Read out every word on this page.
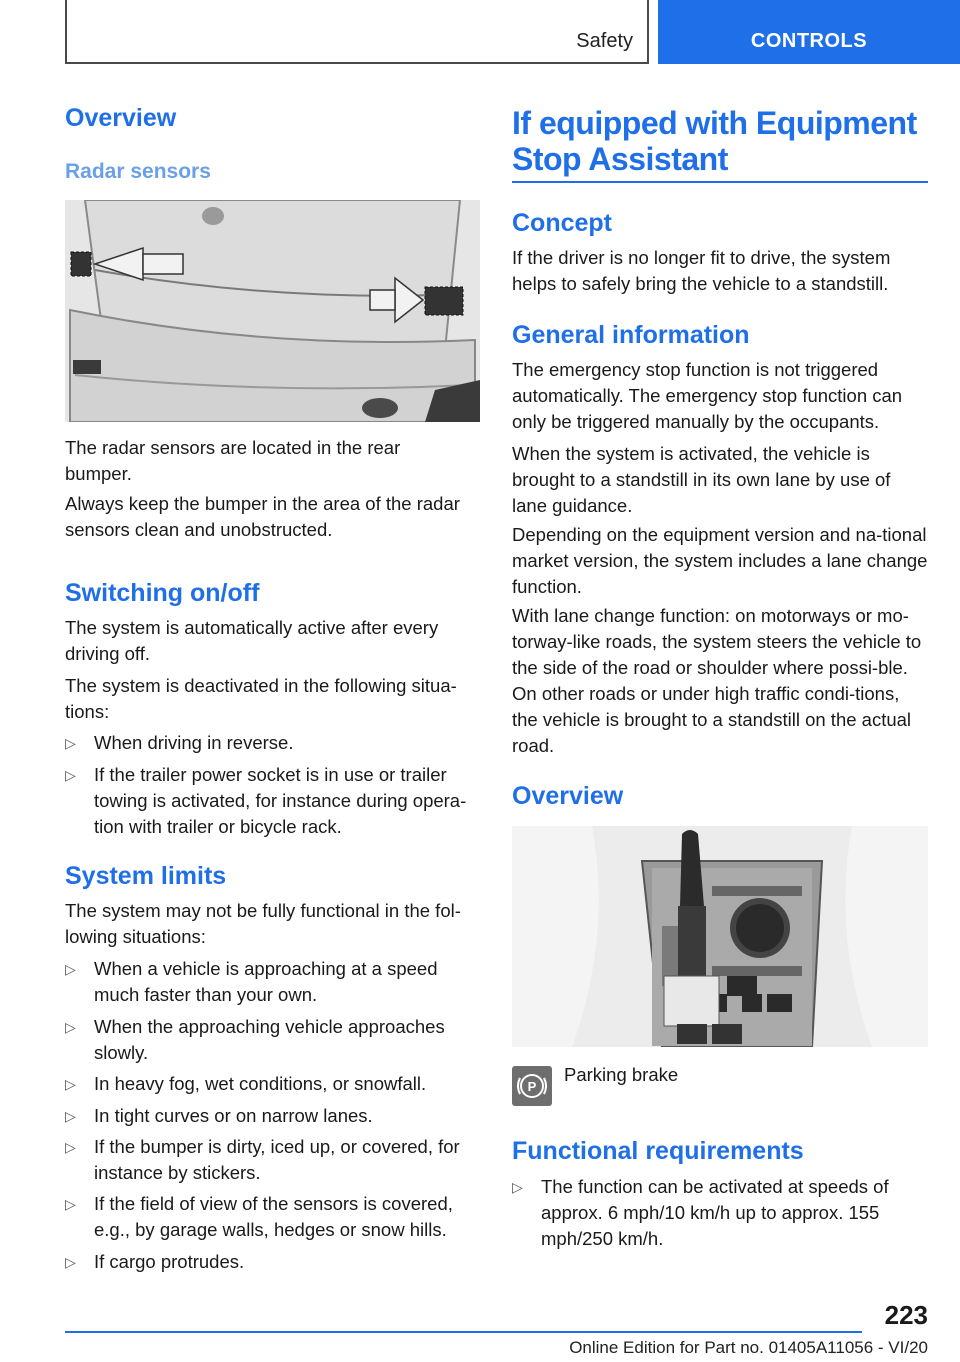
Safety	CONTROLS
Overview
Radar sensors
The radar sensors are located in the rear bumper.
Always keep the bumper in the area of the radar sensors clean and unobstructed.
Switching on/off
The system is automatically active after every driving off.
The system is deactivated in the following situa-tions:
▷ When driving in reverse.
▷ If the trailer power socket is in use or trailer towing is activated, for instance during opera-tion with trailer or bicycle rack.
System limits
The system may not be fully functional in the fol-lowing situations:
▷ When a vehicle is approaching at a speed much faster than your own.
▷ When the approaching vehicle approaches slowly.
▷ In heavy fog, wet conditions, or snowfall.
▷ In tight curves or on narrow lanes.
▷ If the bumper is dirty, iced up, or covered, for instance by stickers.
▷ If the field of view of the sensors is covered, e.g., by garage walls, hedges or snow hills.
▷ If cargo protrudes.
If equipped with Equipment
Stop Assistant
Concept
If the driver is no longer fit to drive, the system helps to safely bring the vehicle to a standstill.
General information
The emergency stop function is not triggered automatically. The emergency stop function can only be triggered manually by the occupants.
When the system is activated, the vehicle is brought to a standstill in its own lane by use of lane guidance.
Depending on the equipment version and na-tional market version, the system includes a lane change function.
With lane change function: on motorways or mo-torway-like roads, the system steers the vehicle to the side of the road or shoulder where possi-ble. On other roads or under high traffic condi-tions, the vehicle is brought to a standstill on the actual road.
Overview
P
Parking brake
Functional requirements
▷ The function can be activated at speeds of approx. 6 mph/10 km/h up to approx. 155 mph/250 km/h.
223
Online Edition for Part no. 01405A11056 - VI/20
